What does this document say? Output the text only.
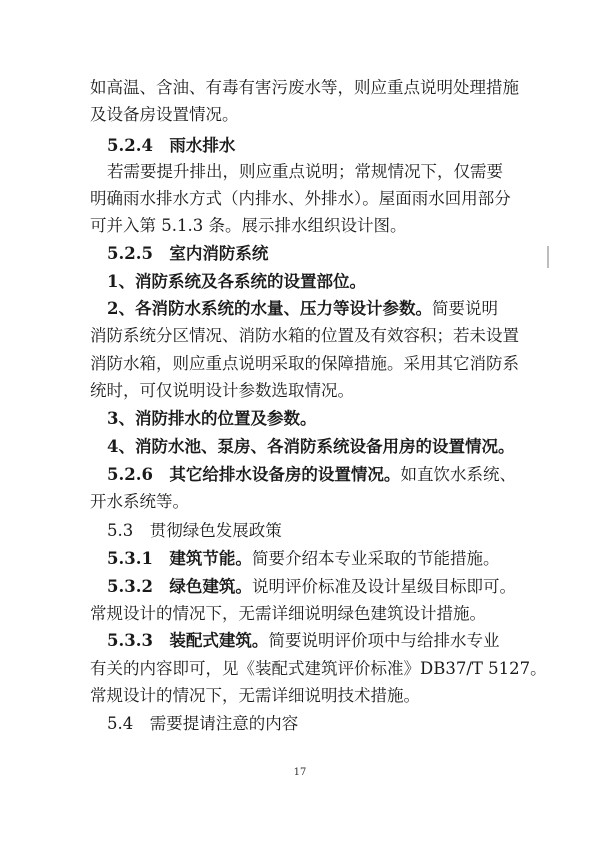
如高温、含油、有毒有害污废水等，则应重点说明处理措施
及设备房设置情况。
5.2.4　雨水排水
若需要提升排出，则应重点说明；常规情况下，仅需要
明确雨水排水方式（内排水、外排水）。屋面雨水回用部分
可并入第 5.1.3 条。展示排水组织设计图。
5.2.5　室内消防系统
1、消防系统及各系统的设置部位。
2、各消防水系统的水量、压力等设计参数。简要说明
消防系统分区情况、消防水箱的位置及有效容积；若未设置
消防水箱，则应重点说明采取的保障措施。采用其它消防系
统时，可仅说明设计参数选取情况。
3、消防排水的位置及参数。
4、消防水池、泵房、各消防系统设备用房的设置情况。
5.2.6　其它给排水设备房的设置情况。如直饮水系统、
开水系统等。
5.3　贯彻绿色发展政策
5.3.1　建筑节能。简要介绍本专业采取的节能措施。
5.3.2　绿色建筑。说明评价标准及设计星级目标即可。
常规设计的情况下，无需详细说明绿色建筑设计措施。
5.3.3　装配式建筑。简要说明评价项中与给排水专业
有关的内容即可，见《装配式建筑评价标准》DB37/T 5127。
常规设计的情况下，无需详细说明技术措施。
5.4　需要提请注意的内容
17
